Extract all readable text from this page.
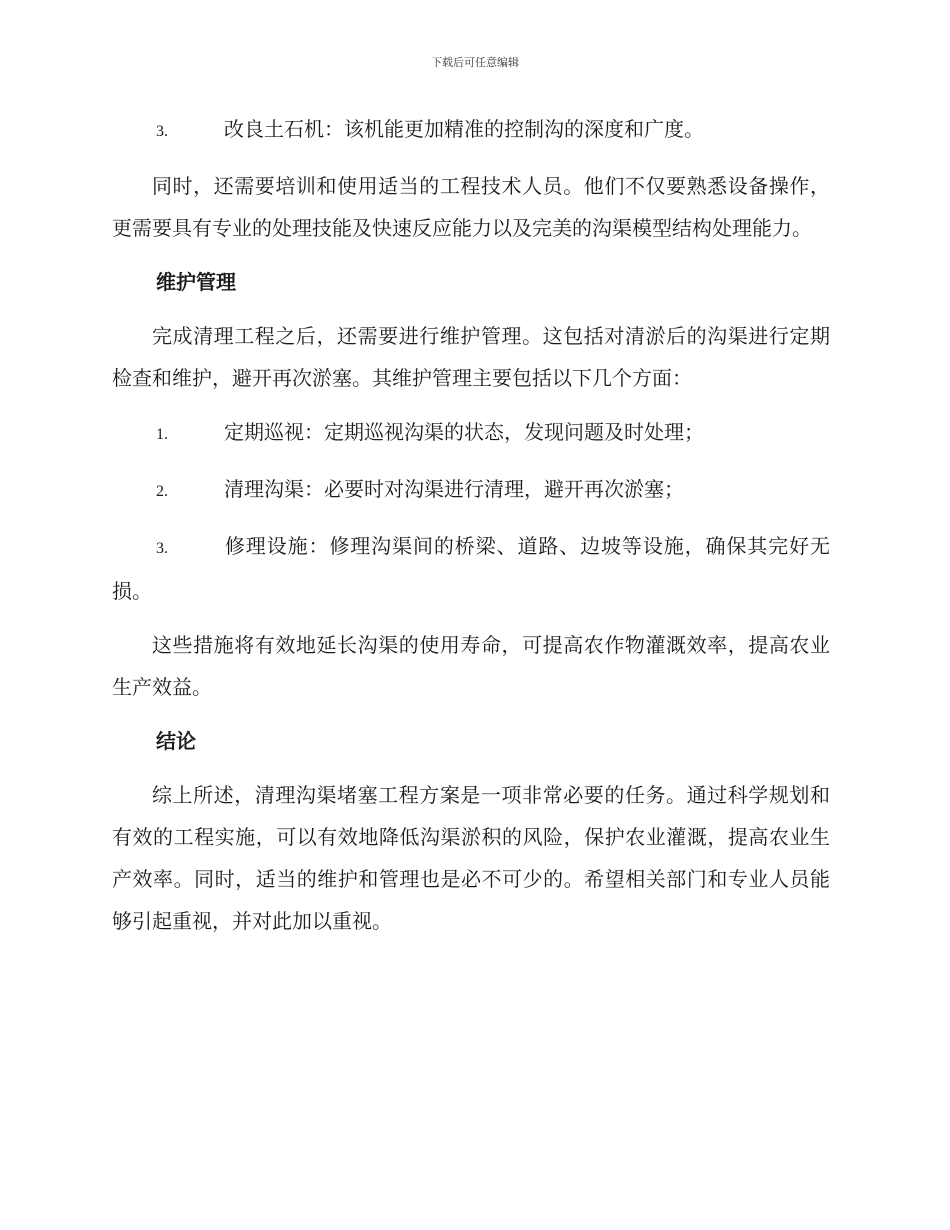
下载后可任意编辑
3.	改良土石机：该机能更加精准的控制沟的深度和广度。

同时，还需要培训和使用适当的工程技术人员。他们不仅要熟悉设备操作，更需要具有专业的处理技能及快速反应能力以及完美的沟渠模型结构处理能力。

维护管理

完成清理工程之后，还需要进行维护管理。这包括对清淤后的沟渠进行定期检查和维护，避开再次淤塞。其维护管理主要包括以下几个方面：

1.	定期巡视：定期巡视沟渠的状态，发现问题及时处理；
2.	清理沟渠：必要时对沟渠进行清理，避开再次淤塞；
3.	修理设施：修理沟渠间的桥梁、道路、边坡等设施，确保其完好无损。

这些措施将有效地延长沟渠的使用寿命，可提高农作物灌溉效率，提高农业生产效益。

结论

综上所述，清理沟渠堵塞工程方案是一项非常必要的任务。通过科学规划和有效的工程实施，可以有效地降低沟渠淤积的风险，保护农业灌溉，提高农业生产效率。同时，适当的维护和管理也是必不可少的。希望相关部门和专业人员能够引起重视，并对此加以重视。
